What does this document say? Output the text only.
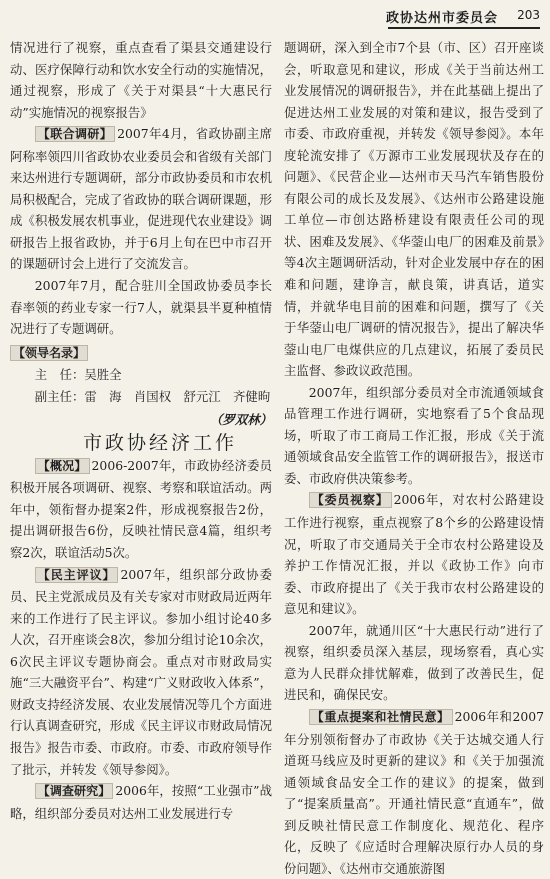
政协达州市委员会 203

情况进行了视察，重点查看了渠县交通建设行动、医疗保障行动和饮水安全行动的实施情况，通过视察，形成了《关于对渠县“十大惠民行动”实施情况的视察报告》

【联合调研】 2007年4月，省政协副主席阿称率领四川省政协农业委员会和省级有关部门来达州进行专题调研，部分市政协委员和市农机局积极配合，完成了省政协的联合调研课题，形成《积极发展农机事业，促进现代农业建设》调研报告上报省政协，并于6月上旬在巴中市召开的课题研讨会上进行了交流发言。

2007年7月，配合驻川全国政协委员李长春率领的药业专家一行7人，就渠县半夏种植情况进行了专题调研。

【领导名录】
主　任：吴胜全
副主任：雷　海　肖国权　舒元江　齐健昫
（罗双林）

市政协经济工作

【概况】 2006-2007年，市政协经济委员积极开展各项调研、视察、考察和联谊活动。两年中，领衔督办提案2件，形成视察报告2份，提出调研报告6份，反映社情民意4篇，组织考察2次，联谊活动5次。

【民主评议】 2007年，组织部分政协委员、民主党派成员及有关专家对市财政局近两年来的工作进行了民主评议。参加小组讨论40多人次，召开座谈会8次，参加分组讨论10余次，6次民主评议专题协商会。重点对市财政局实施“三大融资平台”、构建“广义财政收入体系”，财政支持经济发展、农业发展情况等几个方面进行认真调查研究，形成《民主评议市财政局情况报告》报告市委、市政府。市委、市政府领导作了批示，并转发《领导参阅》。

【调查研究】 2006年，按照“工业强市”战略，组织部分委员对达州工业发展进行专

题调研，深入到全市7个县（市、区）召开座谈会，听取意见和建议，形成《关于当前达州工业发展情况的调研报告》，并在此基础上提出了促进达州工业发展的对策和建议，报告受到了市委、市政府重视，并转发《领导参阅》。本年度轮流安排了《万源市工业发展现状及存在的问题》、《民营企业—达州市天马汽车销售股份有限公司的成长及发展》、《达州市公路建设施工单位—市创达路桥建设有限责任公司的现状、困难及发展》、《华蓥山电厂的困难及前景》等4次主题调研活动，针对企业发展中存在的困难和问题，建诤言，献良策，讲真话，道实情，并就华电目前的困难和问题，撰写了《关于华蓥山电厂调研的情况报告》，提出了解决华蓥山电厂电煤供应的几点建议，拓展了委员民主监督、参政议政范围。

2007年，组织部分委员对全市流通领域食品管理工作进行调研，实地察看了5个食品现场，听取了市工商局工作汇报，形成《关于流通领域食品安全监管工作的调研报告》，报送市委、市政府供决策参考。

【委员视察】 2006年，对农村公路建设工作进行视察，重点视察了8个乡的公路建设情况，听取了市交通局关于全市农村公路建设及养护工作情况汇报，并以《政协工作》向市委、市政府提出了《关于我市农村公路建设的意见和建议》。

2007年，就通川区“十大惠民行动”进行了视察，组织委员深入基层，现场察看，真心实意为人民群众排忧解难，做到了改善民生，促进民和，确保民安。

【重点提案和社情民意】 2006年和2007年分别领衔督办了市政协《关于达城交通人行道斑马线应及时更新的建议》和《关于加强流通领域食品安全工作的建议》的提案，做到了“提案质量高”。开通社情民意“直通车”，做到反映社情民意工作制度化、规范化、程序化，反映了《应适时合理解决原行办人员的身份问题》、《达州市交通旅游图
